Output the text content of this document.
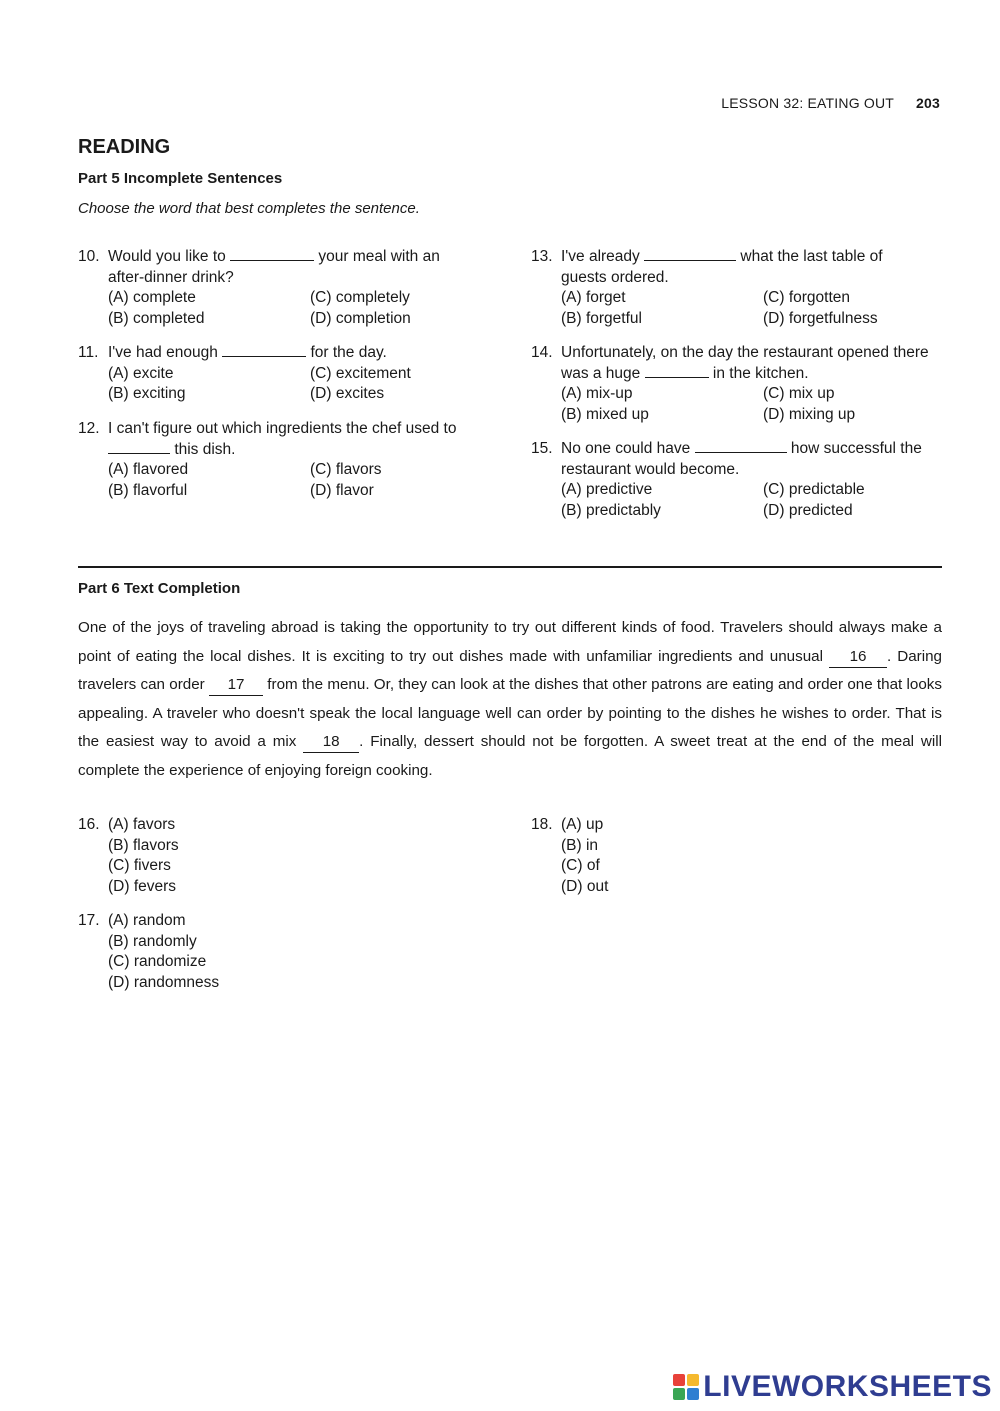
LESSON 32: EATING OUT 203
READING
Part 5 Incomplete Sentences
Choose the word that best completes the sentence.
10. Would you like to	your meal with an after-dinner drink?
(A) complete	(C) completely
(B) completed	(D) completion
11. I've had enough	for the day.
(A) excite	(C) excitement
(B) exciting	(D) excites
12. I can't figure out which ingredients the chef used to  this dish.
(A) flavored	(C) flavors
(B) flavorful	(D) flavor
13. I've already	what the last table of guests ordered.
(A) forget	(C) forgotten
(B) forgetful	(D) forgetfulness
14. Unfortunately, on the day the restaurant opened there was a huge	in the kitchen.
(A) mix-up	(C) mix up
(B) mixed up	(D) mixing up
15. No one could have	how successful the restaurant would become.
(A) predictive	(C) predictable
(B) predictably	(D) predicted
Part 6 Text Completion
One of the joys of traveling abroad is taking the opportunity to try out different kinds of food. Travelers should always make a point of eating the local dishes. It is exciting to try out dishes made with unfamiliar ingredients and unusual 16 . Daring travelers can order 17 from the menu. Or, they can look at the dishes that other patrons are eating and order one that looks appealing. A traveler who doesn't speak the local language well can order by pointing to the dishes he wishes to order. That is the easiest way to avoid a mix 18 . Finally, dessert should not be forgotten. A sweet treat at the end of the meal will complete the experience of enjoying foreign cooking.
16. (A) favors
(B) flavors
(C) fivers
(D) fevers
18. (A) up
(B) in
(C) of
(D) out
17. (A) random
(B) randomly
(C) randomize
(D) randomness
LIVEWORKSHEETS
